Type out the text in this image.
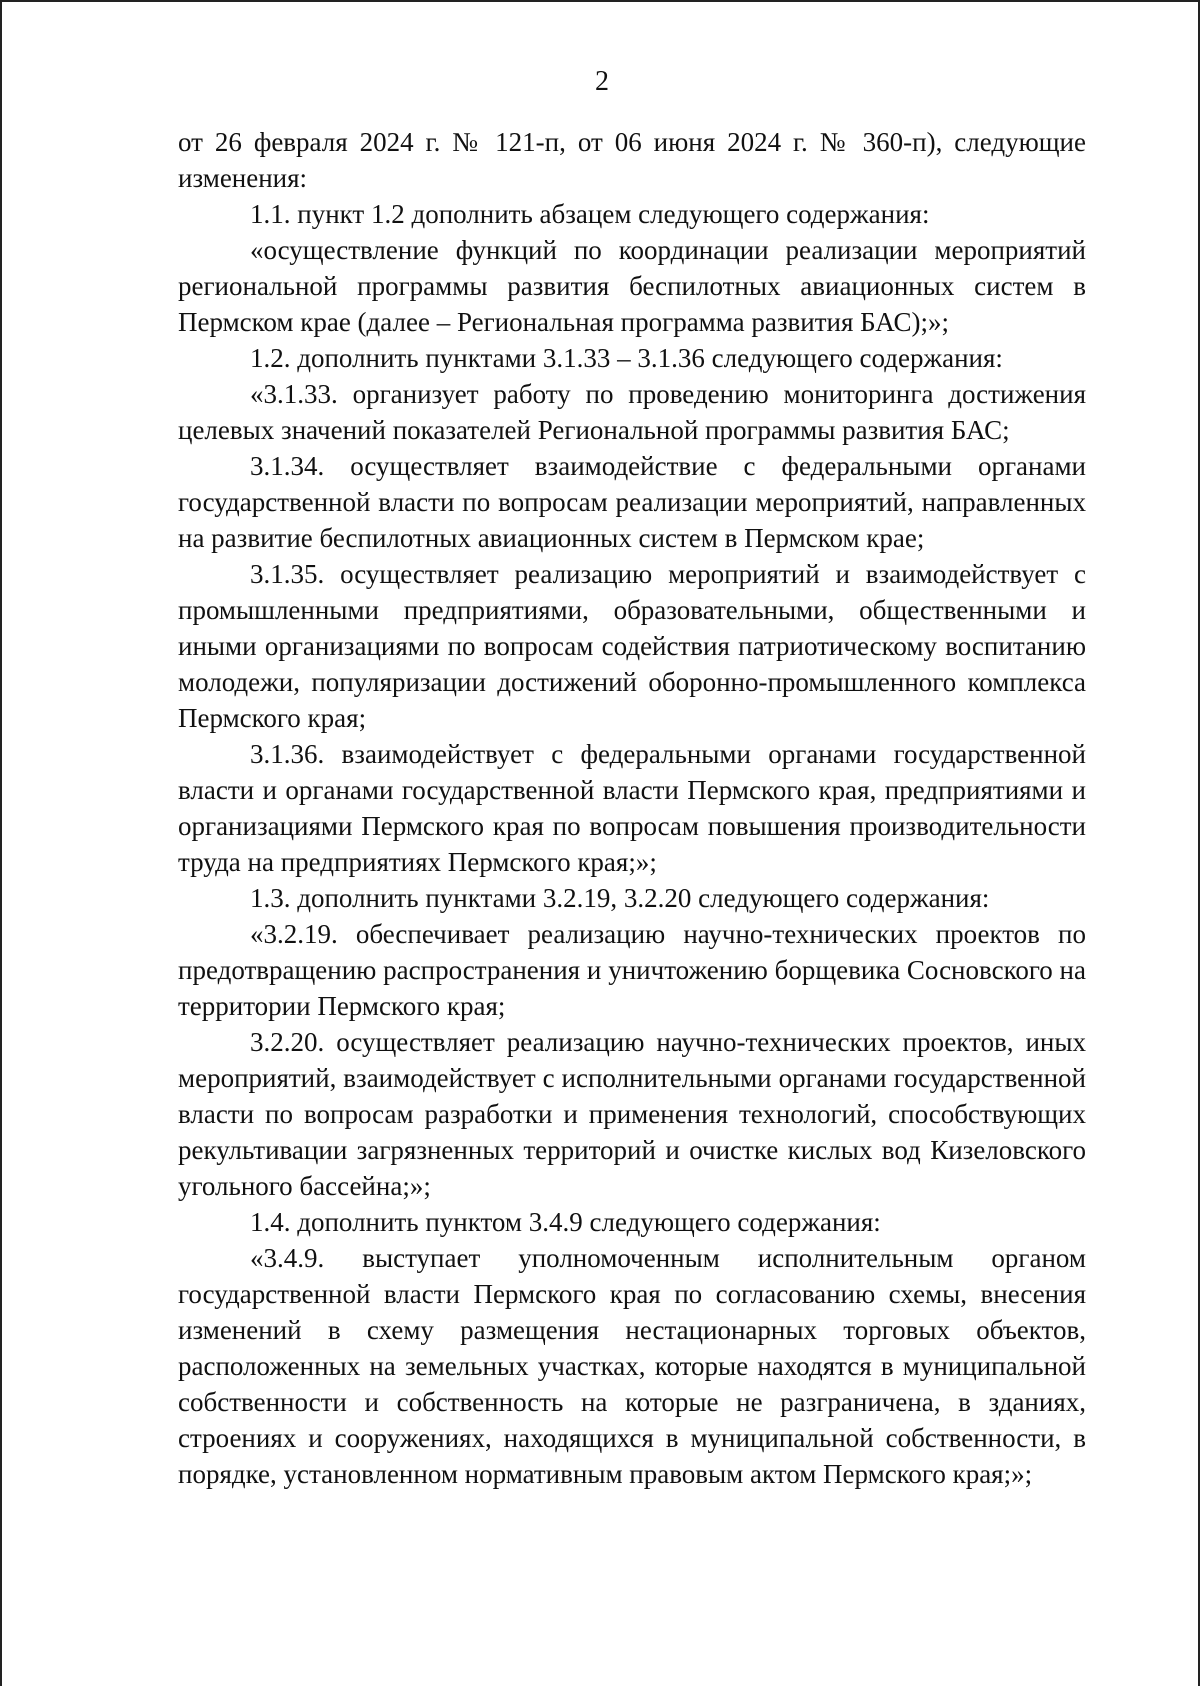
2

от 26 февраля 2024 г. № 121-п, от 06 июня 2024 г. № 360-п), следующие изменения:

1.1. пункт 1.2 дополнить абзацем следующего содержания:

«осуществление функций по координации реализации мероприятий региональной программы развития беспилотных авиационных систем в Пермском крае (далее – Региональная программа развития БАС);»;

1.2. дополнить пунктами 3.1.33 – 3.1.36 следующего содержания:

«3.1.33. организует работу по проведению мониторинга достижения целевых значений показателей Региональной программы развития БАС;

3.1.34. осуществляет взаимодействие с федеральными органами государственной власти по вопросам реализации мероприятий, направленных на развитие беспилотных авиационных систем в Пермском крае;

3.1.35. осуществляет реализацию мероприятий и взаимодействует с промышленными предприятиями, образовательными, общественными и иными организациями по вопросам содействия патриотическому воспитанию молодежи, популяризации достижений оборонно-промышленного комплекса Пермского края;

3.1.36. взаимодействует с федеральными органами государственной власти и органами государственной власти Пермского края, предприятиями и организациями Пермского края по вопросам повышения производительности труда на предприятиях Пермского края;»;

1.3. дополнить пунктами 3.2.19, 3.2.20 следующего содержания:

«3.2.19. обеспечивает реализацию научно-технических проектов по предотвращению распространения и уничтожению борщевика Сосновского на территории Пермского края;

3.2.20. осуществляет реализацию научно-технических проектов, иных мероприятий, взаимодействует с исполнительными органами государственной власти по вопросам разработки и применения технологий, способствующих рекультивации загрязненных территорий и очистке кислых вод Кизеловского угольного бассейна;»;

1.4. дополнить пунктом 3.4.9 следующего содержания:

«3.4.9. выступает уполномоченным исполнительным органом государственной власти Пермского края по согласованию схемы, внесения изменений в схему размещения нестационарных торговых объектов, расположенных на земельных участках, которые находятся в муниципальной собственности и собственность на которые не разграничена, в зданиях, строениях и сооружениях, находящихся в муниципальной собственности, в порядке, установленном нормативным правовым актом Пермского края;»;
